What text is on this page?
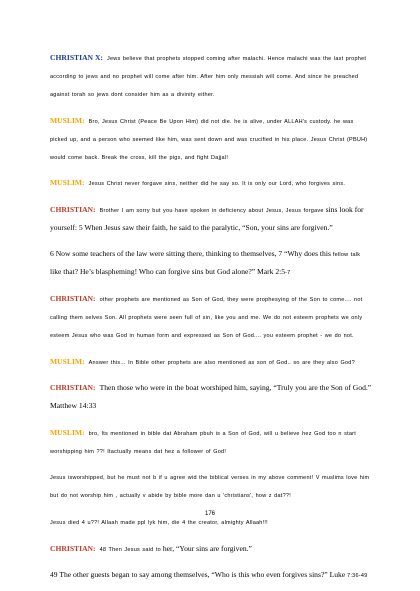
CHRISTIAN X: Jews believe that prophets stopped coming after malachi. Hence malachi was the last prophet according to jews and no prophet will come after him. After him only messiah will come. And since he preached against torah so jews dont consider him as a divinity either.

MUSLIM: Bro, Jesus Christ (Peace Be Upon Him) did not die. he is alive, under ALLAH's custody. he was picked up, and a person who seemed like him, was sent down and was crucified in his place. Jesus Christ (PBUH) would come back. Break the cross, kill the pigs, and fight Dajjal!

MUSLIM: Jesus Christ never forgave sins, neither did he say so. It is only our Lord, who forgives sins.

CHRISTIAN: Brother I am sorry but you have spoken in deficiency about Jesus, Jesus forgave sins look for yourself: 5 When Jesus saw their faith, he said to the paralytic, “Son, your sins are forgiven.”

6 Now some teachers of the law were sitting there, thinking to themselves, 7 “Why does this fellow talk like that? He’s blaspheming! Who can forgive sins but God alone?” Mark 2:5-7

CHRISTIAN: other prophets are mentioned as Son of God, they were prophesying of the Son to come.... not calling them selves Son. All prophets were seen full of sin, like you and me. We do not esteem prophets we only esteem Jesus who was God in human form and expressed as Son of God.... you esteem prophet - we do not.

MUSLIM: Answer this... In Bible other prophets are also mentioned as son of God.. so are they also God?

CHRISTIAN: Then those who were in the boat worshiped him, saying, “Truly you are the Son of God.” Matthew 14:33

MUSLIM: bro, Its mentioned in bible dat Abraham pbuh is a Son of God, will u believe hez God too n start worshipping him ??! Itactually means dat hez a follower of God!

Jesus isworshipped, but he must not b if u agree wid the biblical verses in my above comment! V muslims love him but do not worship him , actually v abide by bible more dan u 'christians', how z dat??!

Jesus died 4 u??! Allaah made ppl lyk him, die 4 the creator, almighty Allaah!!!

CHRISTIAN: 48 Then Jesus said to her, “Your sins are forgiven.”

49 The other guests began to say among themselves, “Who is this who even forgives sins?” Luke 7:36-49

176
